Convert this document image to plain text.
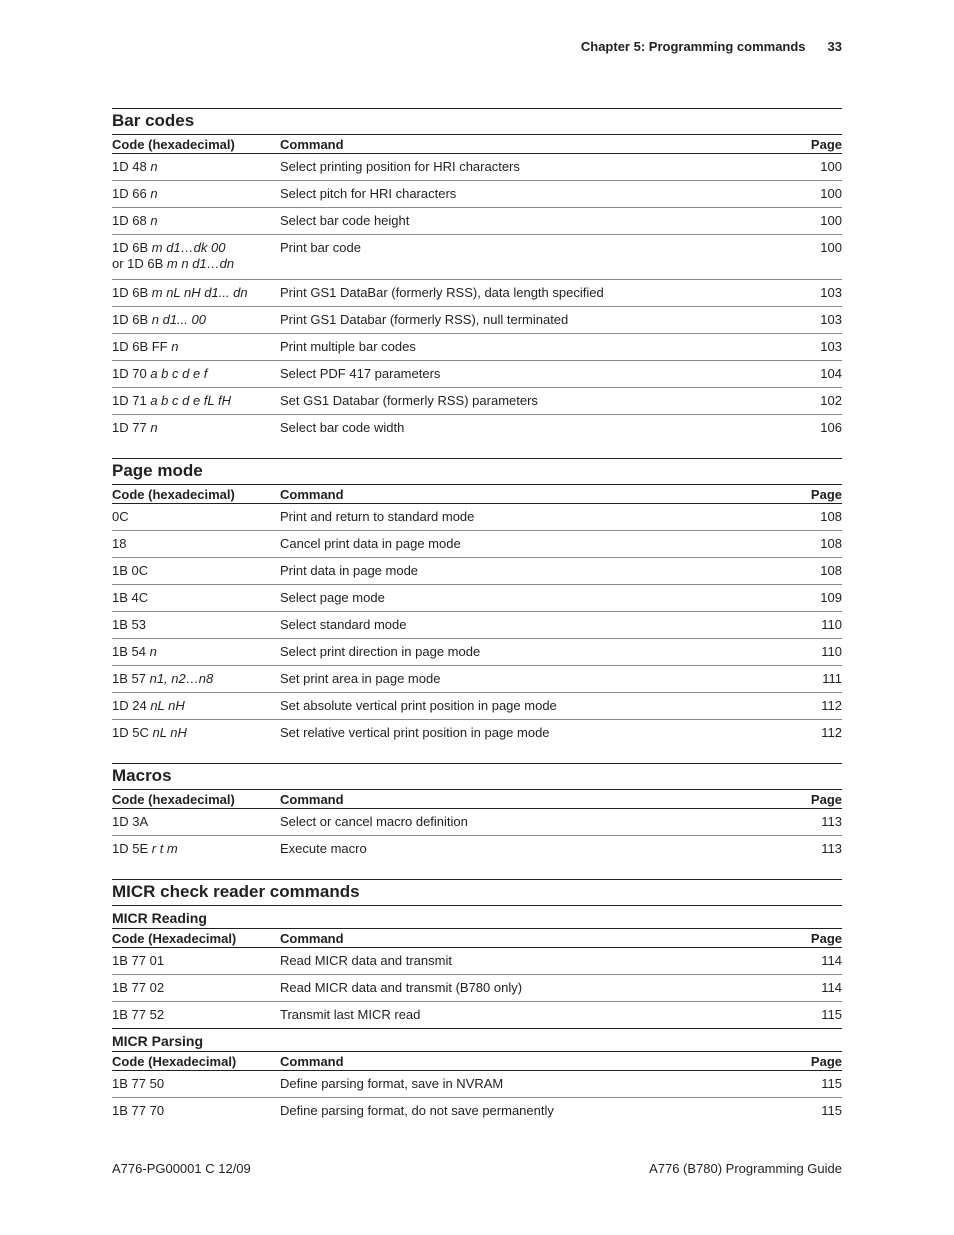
Chapter 5: Programming commands 33
Bar codes
Code (hexadecimal)	Command	Page
1D 48 n	Select printing position for HRI characters	100
1D 66 n	Select pitch for HRI characters	100
1D 68 n	Select bar code height	100
1D 6B m d1…dk 00
or 1D 6B m n d1…dn
Print bar code	100
1D 6B m nL nH d1... dn	Print GS1 DataBar (formerly RSS), data length specified	103
1D 6B n d1... 00	Print GS1 Databar (formerly RSS), null terminated	103
1D 6B FF n	Print multiple bar codes	103
1D 70 a b c d e f	Select PDF 417 parameters	104
1D 71 a b c d e fL fH	Set GS1 Databar (formerly RSS) parameters	102
1D 77 n	Select bar code width	106
Page mode
Code (hexadecimal)	Command	Page
0C	Print and return to standard mode	108
18	Cancel print data in page mode	108
1B 0C	Print data in page mode	108
1B 4C	Select page mode	109
1B 53	Select standard mode	110
1B 54 n	Select print direction in page mode	110
1B 57 n1, n2…n8	Set print area in page mode	111
1D 24 nL nH	Set absolute vertical print position in page mode	112
1D 5C nL nH	Set relative vertical print position in page mode	112
Macros
Code (hexadecimal)	Command	Page
1D 3A	Select or cancel macro definition	113
1D 5E r t m	Execute macro	113
MICR check reader commands
MICR Reading
Code (Hexadecimal)	Command	Page
1B 77 01	Read MICR data and transmit	114
1B 77 02	Read MICR data and transmit (B780 only)	114
1B 77 52	Transmit last MICR read	115
MICR Parsing
Code (Hexadecimal)	Command	Page
1B 77 50	Define parsing format, save in NVRAM	115
1B 77 70	Define parsing format, do not save permanently	115
A776-PG00001 C 12/09	A776 (B780) Programming Guide
